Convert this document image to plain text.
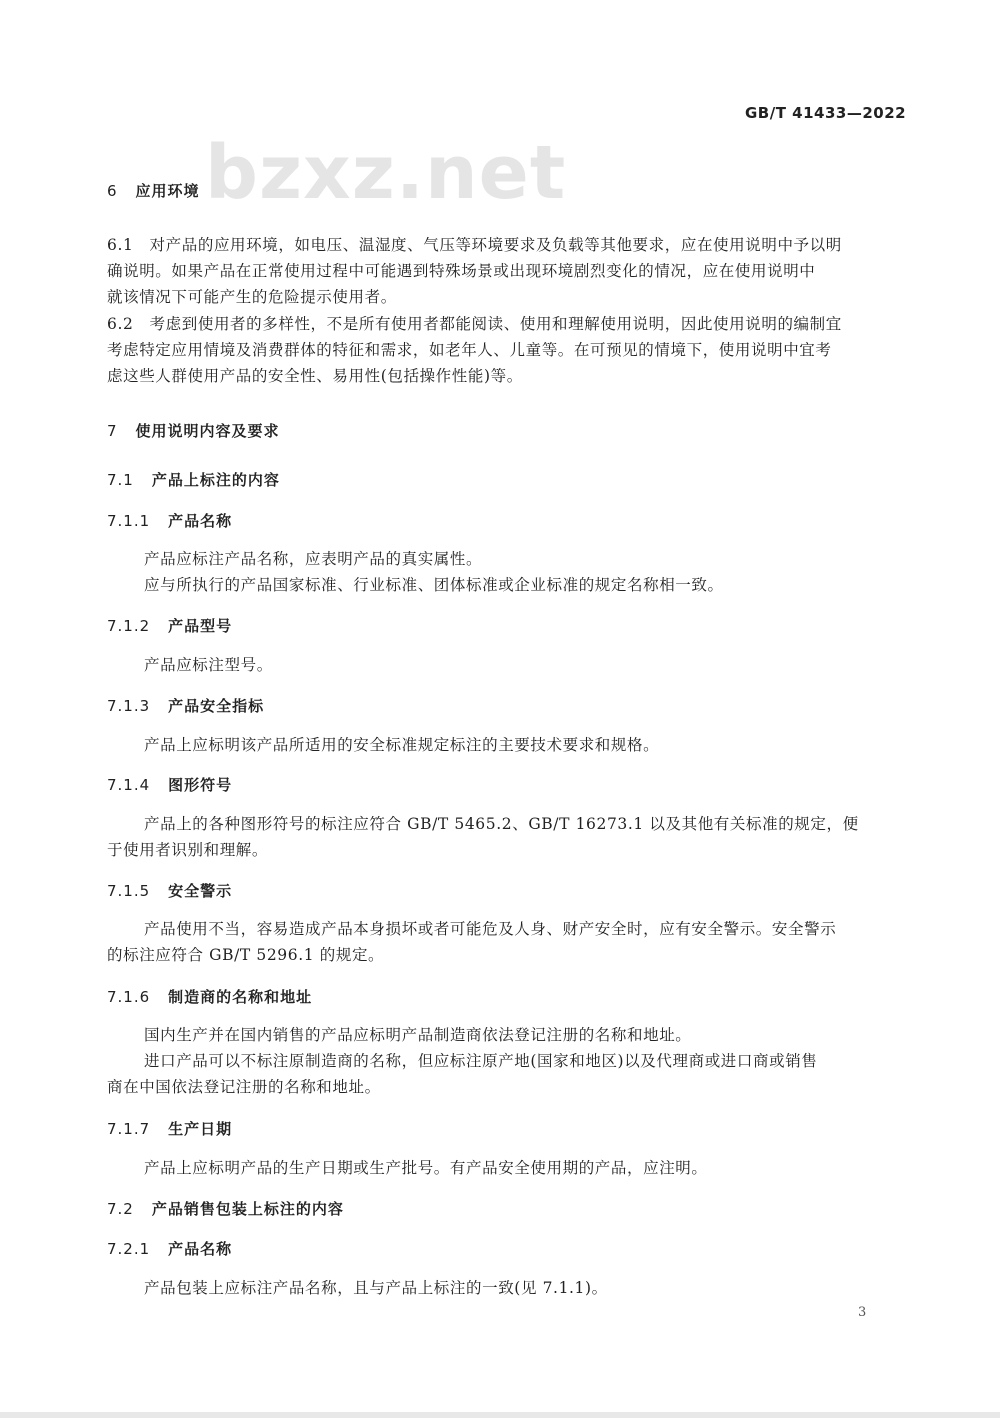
GB/T 41433—2022
bzxz.net
6 应用环境
6.1　对产品的应用环境，如电压、温湿度、气压等环境要求及负载等其他要求，应在使用说明中予以明
确说明。如果产品在正常使用过程中可能遇到特殊场景或出现环境剧烈变化的情况，应在使用说明中
就该情况下可能产生的危险提示使用者。
6.2　考虑到使用者的多样性，不是所有使用者都能阅读、使用和理解使用说明，因此使用说明的编制宜
考虑特定应用情境及消费群体的特征和需求，如老年人、儿童等。在可预见的情境下，使用说明中宜考
虑这些人群使用产品的安全性、易用性(包括操作性能)等。
7 使用说明内容及要求
7.1 产品上标注的内容
7.1.1 产品名称
产品应标注产品名称，应表明产品的真实属性。
应与所执行的产品国家标准、行业标准、团体标准或企业标准的规定名称相一致。
7.1.2 产品型号
产品应标注型号。
7.1.3 产品安全指标
产品上应标明该产品所适用的安全标准规定标注的主要技术要求和规格。
7.1.4 图形符号
产品上的各种图形符号的标注应符合 GB/T 5465.2、GB/T 16273.1 以及其他有关标准的规定，便
于使用者识别和理解。
7.1.5 安全警示
产品使用不当，容易造成产品本身损坏或者可能危及人身、财产安全时，应有安全警示。安全警示
的标注应符合 GB/T 5296.1 的规定。
7.1.6 制造商的名称和地址
国内生产并在国内销售的产品应标明产品制造商依法登记注册的名称和地址。
进口产品可以不标注原制造商的名称，但应标注原产地(国家和地区)以及代理商或进口商或销售
商在中国依法登记注册的名称和地址。
7.1.7 生产日期
产品上应标明产品的生产日期或生产批号。有产品安全使用期的产品，应注明。
7.2 产品销售包装上标注的内容
7.2.1 产品名称
产品包装上应标注产品名称，且与产品上标注的一致(见 7.1.1)。
3
